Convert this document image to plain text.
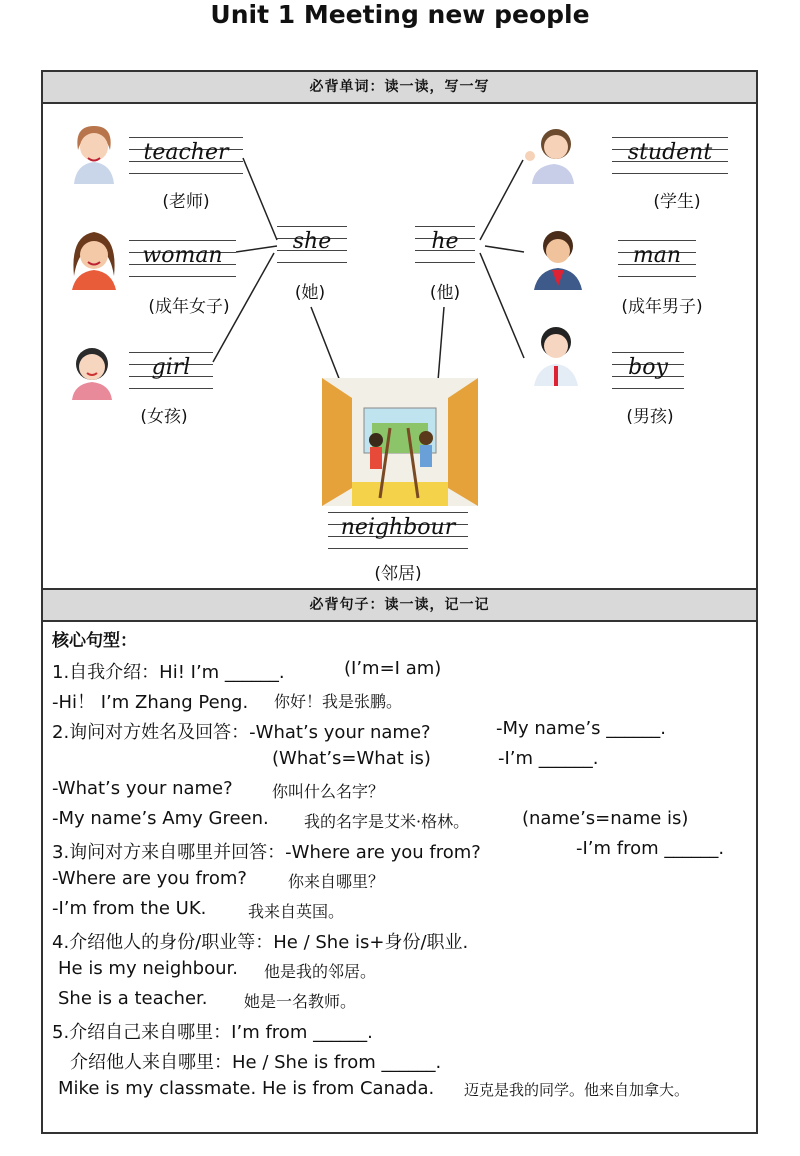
Unit 1 Meeting new people
必背单词：读一读，写一写
必背句子：读一读，记一记
teacher
(老师)
woman
(成年女子)
girl
(女孩)
she
(她)
he
(他)
student
(学生)
man
(成年男子)
boy
(男孩)
neighbour
(邻居)
核心句型：
1.自我介绍：Hi! I’m ______.	(I’m=I am)
-Hi！ I’m Zhang Peng. 你好！我是张鹏。
2.询问对方姓名及回答：-What’s your name?	-My name’s ______.
(What’s=What is)	-I’m ______.
-What’s your name? 你叫什么名字？
-My name’s Amy Green. 我的名字是艾米·格林。	(name’s=name is)
3.询问对方来自哪里并回答：-Where are you from?	-I’m from ______.
-Where are you from?	你来自哪里？
-I’m from the UK.	我来自英国。
4.介绍他人的身份/职业等：He / She is+身份/职业.
He is my neighbour. 他是我的邻居。
She is a teacher. 她是一名教师。
5.介绍自己来自哪里：I’m from ______.
介绍他人来自哪里：He / She is from ______.
Mike is my classmate. He is from Canada. 迈克是我的同学。他来自加拿大。
